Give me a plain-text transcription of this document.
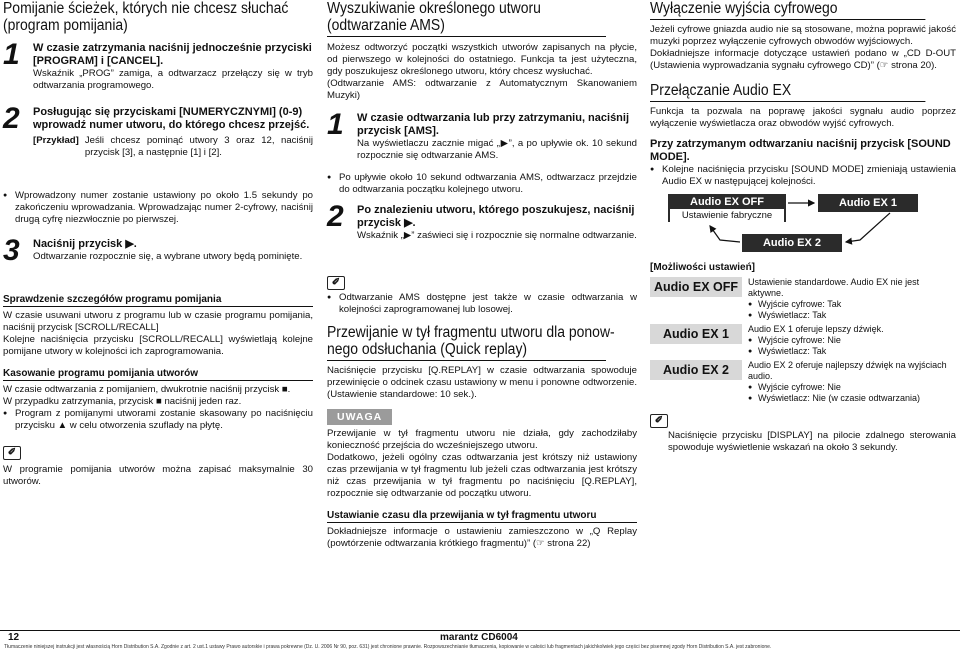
Pomijanie ścieżek, których nie chcesz słuchać
(program pomijania)
1 W czasie zatrzymania naciśnij jednocześnie przyciski [PROGRAM] i [CANCEL].
Wskaźnik „PROG” zamiga, a odtwarzacz przełączy się w tryb odtwarzania programowego.
2 Posługując się przyciskami [NUMERYCZNYMI] (0-9) wprowadź numer utworu, do którego chcesz przejść.
[Przykład] Jeśli chcesz pominąć utwory 3 oraz 12, naciśnij przycisk [3], a następnie [1] i [2].
● Wprowadzony numer zostanie ustawiony po około 1.5 sekundy po zakończeniu wprowadzania. Wprowadzając numer 2-cyfrowy, naciśnij drugą cyfrę niezwłocznie po pierwszej.
3 Naciśnij przycisk ▶.
Odtwarzanie rozpocznie się, a wybrane utwory będą pominięte.
Sprawdzenie szczegółów programu pomijania
W czasie usuwani utworu z programu lub w czasie programu pomijania, naciśnij przycisk [SCROLL/RECALL]
Kolejne naciśnięcia przycisku [SCROLL/RECALL] wyświetlają kolejne pomijane utwory w kolejności ich zaprogramowania.
Kasowanie programu pomijania utworów
W czasie odtwarzania z pomijaniem, dwukrotnie naciśnij przycisk ■.
W przypadku zatrzymania, przycisk ■ naciśnij jeden raz.
● Program z pomijanymi utworami zostanie skasowany po naciśnięciu przycisku ▲ w celu otworzenia szuflady na płytę.
✐
W programie pomijania utworów można zapisać maksymalnie 30 utworów.
Wyszukiwanie określonego utworu
(odtwarzanie AMS)
Możesz odtworzyć początki wszystkich utworów zapisanych na płycie, od pierwszego w kolejności do ostatniego. Funkcja ta jest użyteczna, gdy poszukujesz określonego utworu, który chcesz wysłuchać.
(Odtwarzanie AMS: odtwarzanie z Automatycznym Skanowaniem Muzyki)
1 W czasie odtwarzania lub przy zatrzymaniu, naciśnij przycisk [AMS].
Na wyświetlaczu zacznie migać „▶”, a po upływie ok. 10 sekund rozpocznie się odtwarzanie AMS.
● Po upływie około 10 sekund odtwarzania AMS, odtwarzacz przejdzie do odtwarzania początku kolejnego utworu.
2 Po znalezieniu utworu, którego poszukujesz, naciśnij przycisk ▶.
Wskaźnik „▶” zaświeci się i rozpocznie się normalne odtwarzanie.
✐
● Odtwarzanie AMS dostępne jest także w czasie odtwarzania w kolejności zaprogramowanej lub losowej.
Przewijanie w tył fragmentu utworu dla ponow-
nego odsłuchania (Quick replay)
Naciśnięcie przycisku [Q.REPLAY] w czasie odtwarzania spowoduje przewinięcie o odcinek czasu ustawiony w menu i ponowne odtworzenie. (Ustawienie standardowe: 10 sek.).
UWAGA
Przewijanie w tył fragmentu utworu nie działa, gdy zachodziłaby konieczność przejścia do wcześniejszego utworu.
Dodatkowo, jeżeli ogólny czas odtwarzania jest krótszy niż ustawiony czas przewijania w tył fragmentu lub jeżeli czas odtwarzania jest krótszy niż czas przewijania w tył fragmentu po naciśnięciu [Q.REPLAY], rozpocznie się odtwarzanie od początku utworu.
Ustawianie czasu dla przewijania w tył fragmentu utworu
Dokładniejsze informacje o ustawieniu zamieszczono w „Q Replay (powtórzenie odtwarzania krótkiego fragmentu)” (☞ strona 22)
Wyłączenie wyjścia cyfrowego
Jeżeli cyfrowe gniazda audio nie są stosowane, można poprawić jakość muzyki poprzez wyłączenie cyfrowych obwodów wyjściowych.
Dokładniejsze informacje dotyczące ustawień podano w „CD D-OUT (Ustawienia wyprowadzania sygnału cyfrowego CD)” (☞ strona 20).
Przełączanie Audio EX
Funkcja ta pozwala na poprawę jakości sygnału audio poprzez wyłączenie wyświetlacza oraz obwodów wyjść cyfrowych.
Przy zatrzymanym odtwarzaniu naciśnij przycisk [SOUND MODE].
● Kolejne naciśnięcia przycisku [SOUND MODE] zmieniają ustawienia Audio EX w następującej kolejności.
Audio EX OFF
Ustawienie fabryczne
Audio EX 1
Audio EX 2
[Możliwości ustawień]
Audio EX OFF	Ustawienie standardowe. Audio EX nie jest aktywne.
● Wyjście cyfrowe: Tak
● Wyświetlacz: Tak
Audio EX 1	Audio EX 1 oferuje lepszy dźwięk.
● Wyjście cyfrowe: Nie
● Wyświetlacz: Tak
Audio EX 2	Audio EX 2 oferuje najlepszy dźwięk na wyjściach audio.
● Wyjście cyfrowe: Nie
● Wyświetlacz: Nie (w czasie odtwarzania)
✐
Naciśnięcie przycisku [DISPLAY] na pilocie zdalnego sterowania spowoduje wyświetlenie wskazań na około 3 sekundy.
12	marantz CD6004
Tłumaczenie niniejszej instrukcji jest własnością Horn Distribution S.A. Zgodnie z art. 2 ust.1 ustawy Prawo autorskie i prawa pokrewne (Dz. U. 2006 Nr 90, poz. 631) jest chronione prawnie. Rozpowszechnianie tłumaczenia, kopiowanie w całości lub fragmentach jakichkolwiek jego części bez pisemnej zgody Horn Distribution S.A. jest zabronione.
